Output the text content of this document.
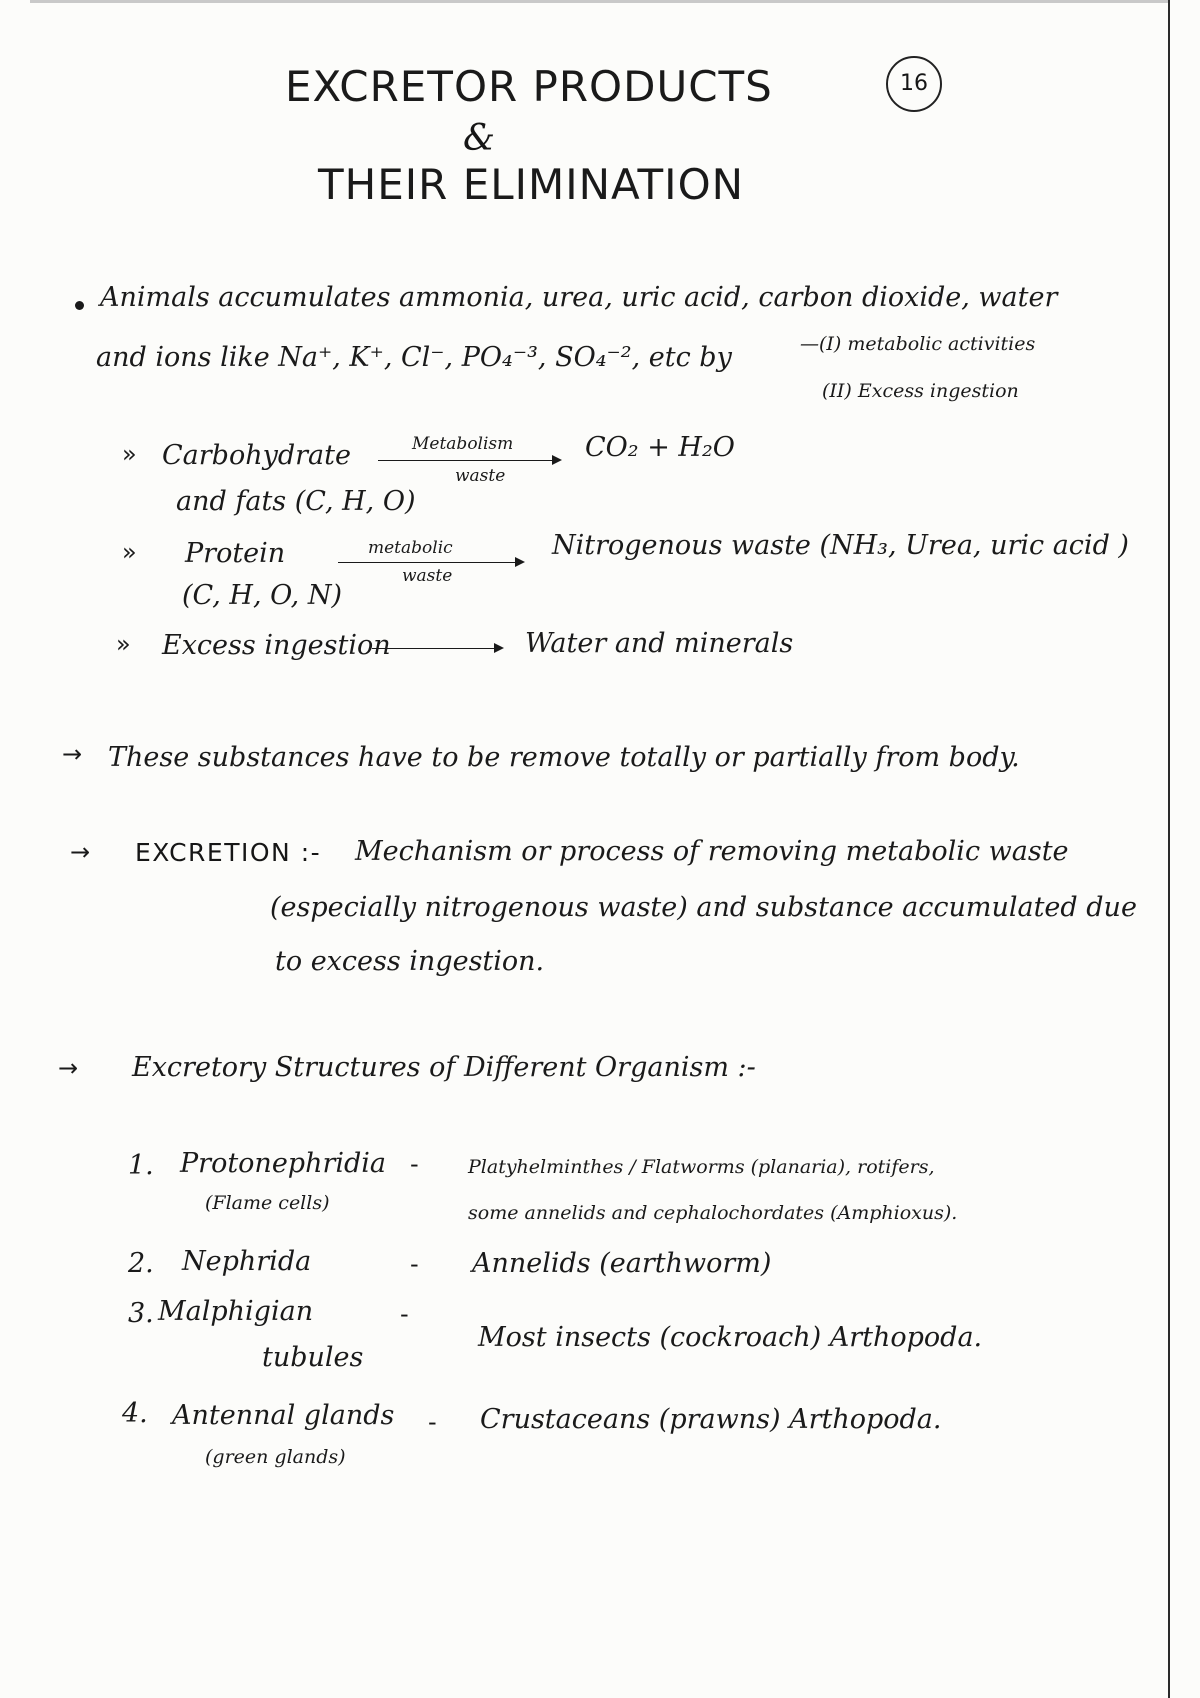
EXCRETOR PRODUCTS
&
THEIR ELIMINATION
16
Animals accumulates ammonia, urea, uric acid, carbon dioxide, water
and ions like Na⁺, K⁺, Cl⁻, PO₄⁻³, SO₄⁻², etc by	—(I) metabolic activities
(II) Excess ingestion
» Carbohydrate
and fats (C, H, O)
Metabolism
waste
CO₂ + H₂O
» Protein
(C, H, O, N)
metabolic
waste
Nitrogenous waste (NH₃, Urea, uric acid )
» Excess ingestion	Water and minerals
→ These substances have to be remove totally or partially from body.
→ EXCRETION :- Mechanism or process of removing metabolic waste
(especially nitrogenous waste) and substance accumulated due
to excess ingestion.
→ Excretory Structures of Different Organism :-
1. Protonephridia
(Flame cells)
-	Platyhelminthes / Flatworms (planaria), rotifers,
some annelids and cephalochordates (Amphioxus).
2. Nephrida	- Annelids (earthworm)
3. Malphigian
tubules
-
Most insects (cockroach) Arthopoda.
4. Antennal glands
(green glands)
- Crustaceans (prawns) Arthopoda.
